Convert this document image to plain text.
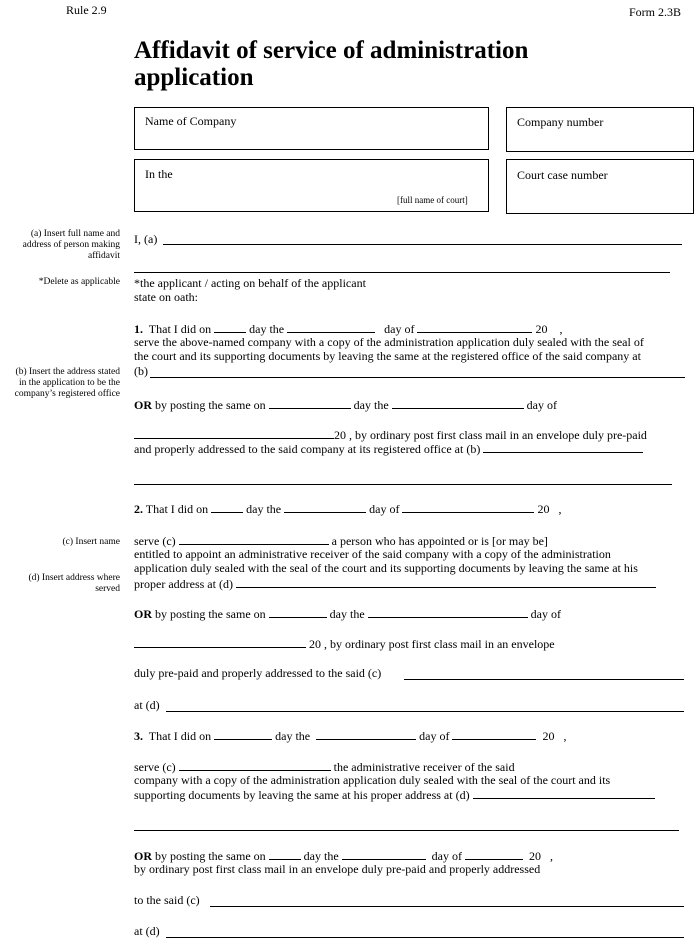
Rule 2.9	Form 2.3B
Affidavit of service of administration
application
Name of Company	Company number
In the
[full name of court]
Court case number
(a) Insert full name and
address of person making
affidavit
*Delete as applicable
(b) Insert the address stated
in the application to be the
company’s registered office
(c) Insert name
(d) Insert address where
served
I, (a)
*the applicant / acting on behalf of the applicant
state on oath:
1. That I did on	day the	day of	20 ,
serve the above-named company with a copy of the administration application duly sealed with the seal of
the court and its supporting documents by leaving the same at the registered office of the said company at
(b)
OR by posting the same on	day the	day of
20 , by ordinary post first class mail in an envelope duly pre-paid
and properly addressed to the said company at its registered office at (b)
2. That I did on	day the	day of	20 ,
serve (c)	a person who has appointed or is [or may be]
entitled to appoint an administrative receiver of the said company with a copy of the administration
application duly sealed with the seal of the court and its supporting documents by leaving the same at his
proper address at (d)
OR by posting the same on	day the	day of
20 , by ordinary post first class mail in an envelope
duly pre-paid and properly addressed to the said (c)
at (d)
3. That I did on	day the	day of	20 ,
serve (c)	the administrative receiver of the said
company with a copy of the administration application duly sealed with the seal of the court and its
supporting documents by leaving the same at his proper address at (d)
OR by posting the same on	day the	day of	20 ,
by ordinary post first class mail in an envelope duly pre-paid and properly addressed
to the said (c)
at (d)
